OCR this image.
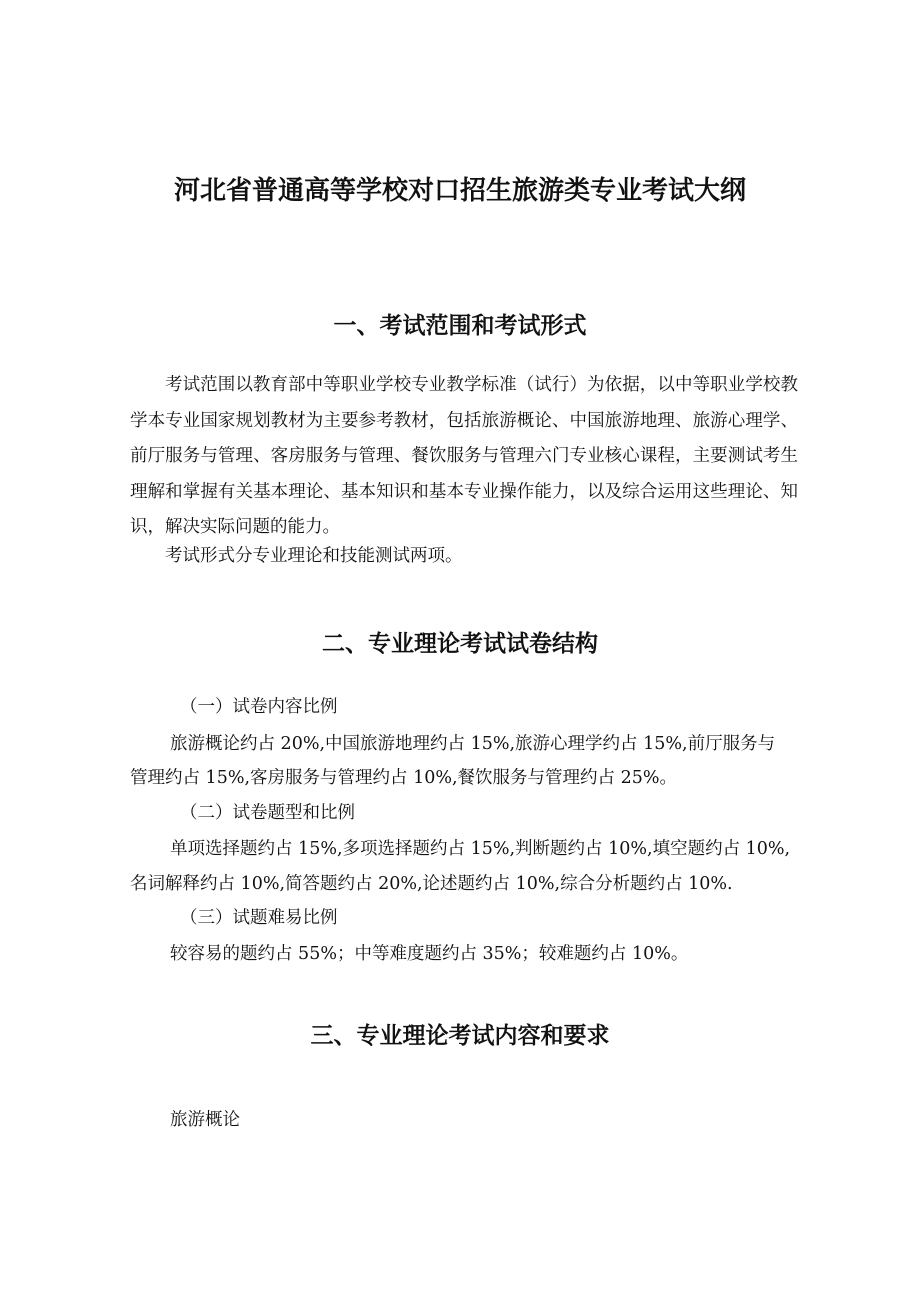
河北省普通高等学校对口招生旅游类专业考试大纲
一、考试范围和考试形式
考试范围以教育部中等职业学校专业教学标准（试行）为依据，以中等职业学校教学本专业国家规划教材为主要参考教材，包括旅游概论、中国旅游地理、旅游心理学、前厅服务与管理、客房服务与管理、餐饮服务与管理六门专业核心课程，主要测试考生理解和掌握有关基本理论、基本知识和基本专业操作能力，以及综合运用这些理论、知识，解决实际问题的能力。
考试形式分专业理论和技能测试两项。
二、专业理论考试试卷结构
（一）试卷内容比例
旅游概论约占 20%,中国旅游地理约占 15%,旅游心理学约占 15%,前厅服务与
管理约占 15%,客房服务与管理约占 10%,餐饮服务与管理约占 25%。
（二）试卷题型和比例
单项选择题约占 15%,多项选择题约占 15%,判断题约占 10%,填空题约占 10%,
名词解释约占 10%,简答题约占 20%,论述题约占 10%,综合分析题约占 10%.
（三）试题难易比例
较容易的题约占 55%；中等难度题约占 35%；较难题约占 10%。
三、专业理论考试内容和要求
旅游概论
